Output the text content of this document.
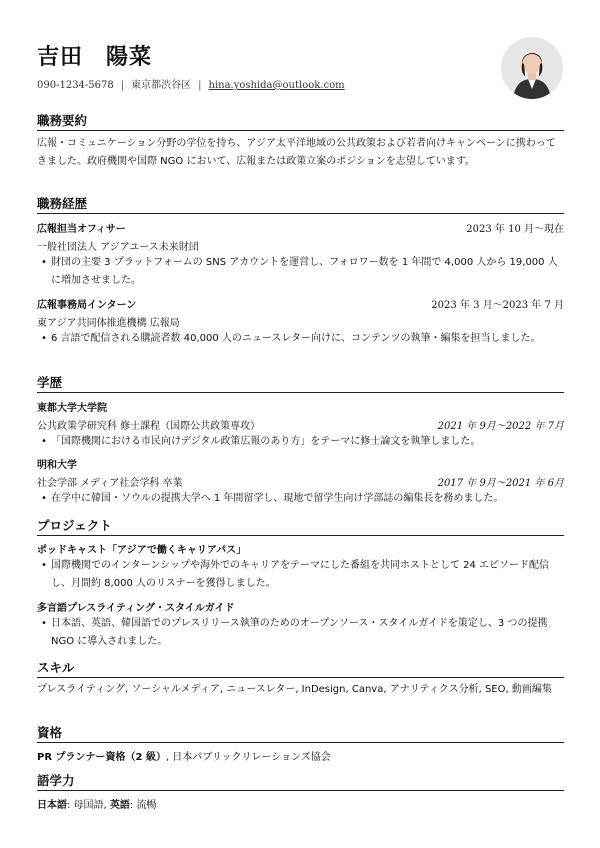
吉田　陽菜
090-1234-5678 | 東京都渋谷区 | hina.yoshida@outlook.com
職務要約
広報・コミュニケーション分野の学位を持ち、アジア太平洋地域の公共政策および若者向けキャンペーンに携わってきました。政府機関や国際 NGO において、広報または政策立案のポジションを志望しています。
職務経歴
広報担当オフィサー	2023 年 10 月〜現在
一般社団法人 アジアユース未来財団
• 財団の主要 3 プラットフォームの SNS アカウントを運営し、フォロワー数を 1 年間で 4,000 人から 19,000 人に増加させました。
広報事務局インターン	2023 年 3 月〜2023 年 7 月
東アジア共同体推進機構 広報局
• 6 言語で配信される購読者数 40,000 人のニュースレター向けに、コンテンツの執筆・編集を担当しました。
学歴
東都大学大学院
公共政策学研究科 修士課程（国際公共政策専攻）	2021 年 9月〜2022 年 7月
• 「国際機関における市民向けデジタル政策広報のあり方」をテーマに修士論文を執筆しました。
明和大学
社会学部 メディア社会学科 卒業	2017 年 9月〜2021 年 6月
• 在学中に韓国・ソウルの提携大学へ 1 年間留学し、現地で留学生向け学部誌の編集長を務めました。
プロジェクト
ポッドキャスト「アジアで働くキャリアパス」
• 国際機関でのインターンシップや海外でのキャリアをテーマにした番組を共同ホストとして 24 エピソード配信し、月間約 8,000 人のリスナーを獲得しました。
多言語プレスライティング・スタイルガイド
• 日本語、英語、韓国語でのプレスリリース執筆のためのオープンソース・スタイルガイドを策定し、3 つの提携 NGO に導入されました。
スキル
プレスライティング, ソーシャルメディア, ニュースレター, InDesign, Canva, アナリティクス分析, SEO, 動画編集
資格
PR プランナー資格（2 級）, 日本パブリックリレーションズ協会
語学力
日本語: 母国語, 英語: 流暢
